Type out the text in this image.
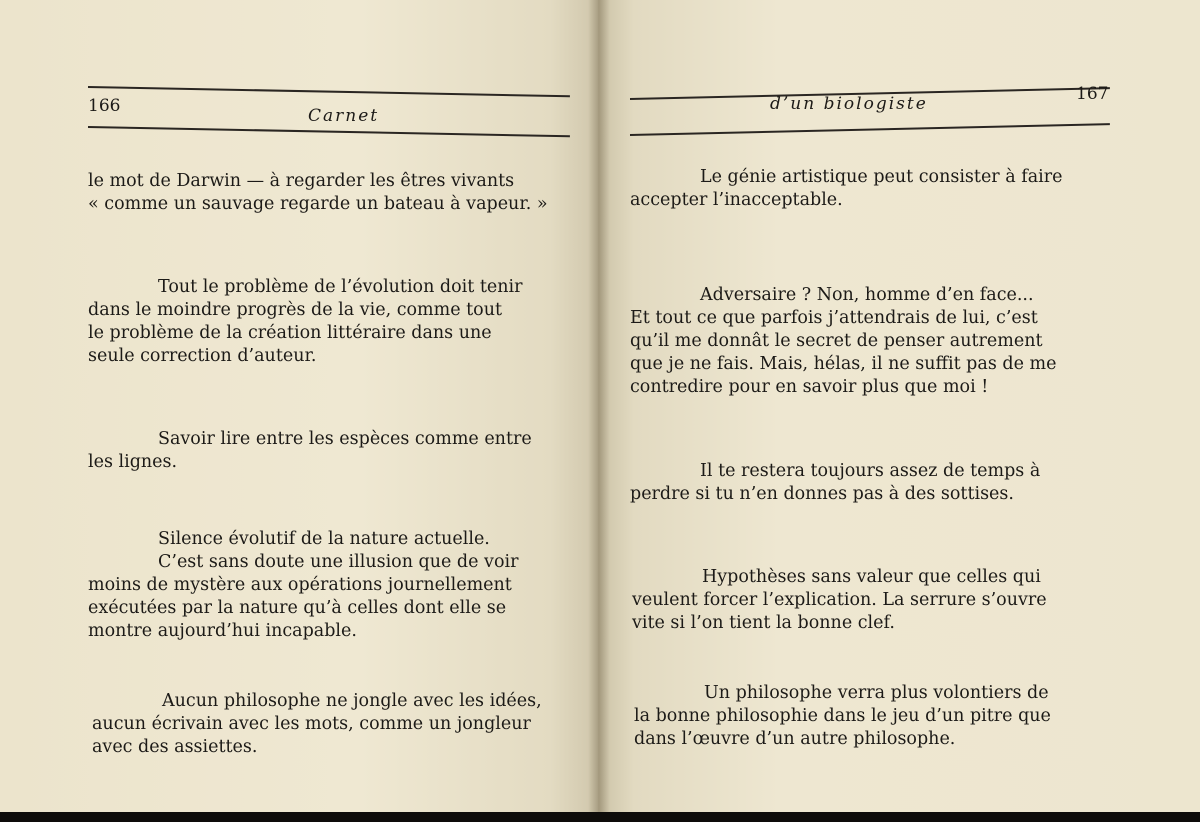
166	Carnet
le mot de Darwin — à regarder les êtres vivants
« comme un sauvage regarde un bateau à vapeur. »
Tout le problème de l’évolution doit tenir
dans le moindre progrès de la vie, comme tout
le problème de la création littéraire dans une
seule correction d’auteur.
Savoir lire entre les espèces comme entre
les lignes.
Silence évolutif de la nature actuelle.
C’est sans doute une illusion que de voir
moins de mystère aux opérations journellement
exécutées par la nature qu’à celles dont elle se
montre aujourd’hui incapable.
Aucun philosophe ne jongle avec les idées,
aucun écrivain avec les mots, comme un jongleur
avec des assiettes.
d’un biologiste	167
Le génie artistique peut consister à faire
accepter l’inacceptable.
Adversaire ? Non, homme d’en face...
Et tout ce que parfois j’attendrais de lui, c’est
qu’il me donnât le secret de penser autrement
que je ne fais. Mais, hélas, il ne suffit pas de me
contredire pour en savoir plus que moi !
Il te restera toujours assez de temps à
perdre si tu n’en donnes pas à des sottises.
Hypothèses sans valeur que celles qui
veulent forcer l’explication. La serrure s’ouvre
vite si l’on tient la bonne clef.
Un philosophe verra plus volontiers de
la bonne philosophie dans le jeu d’un pitre que
dans l’œuvre d’un autre philosophe.
